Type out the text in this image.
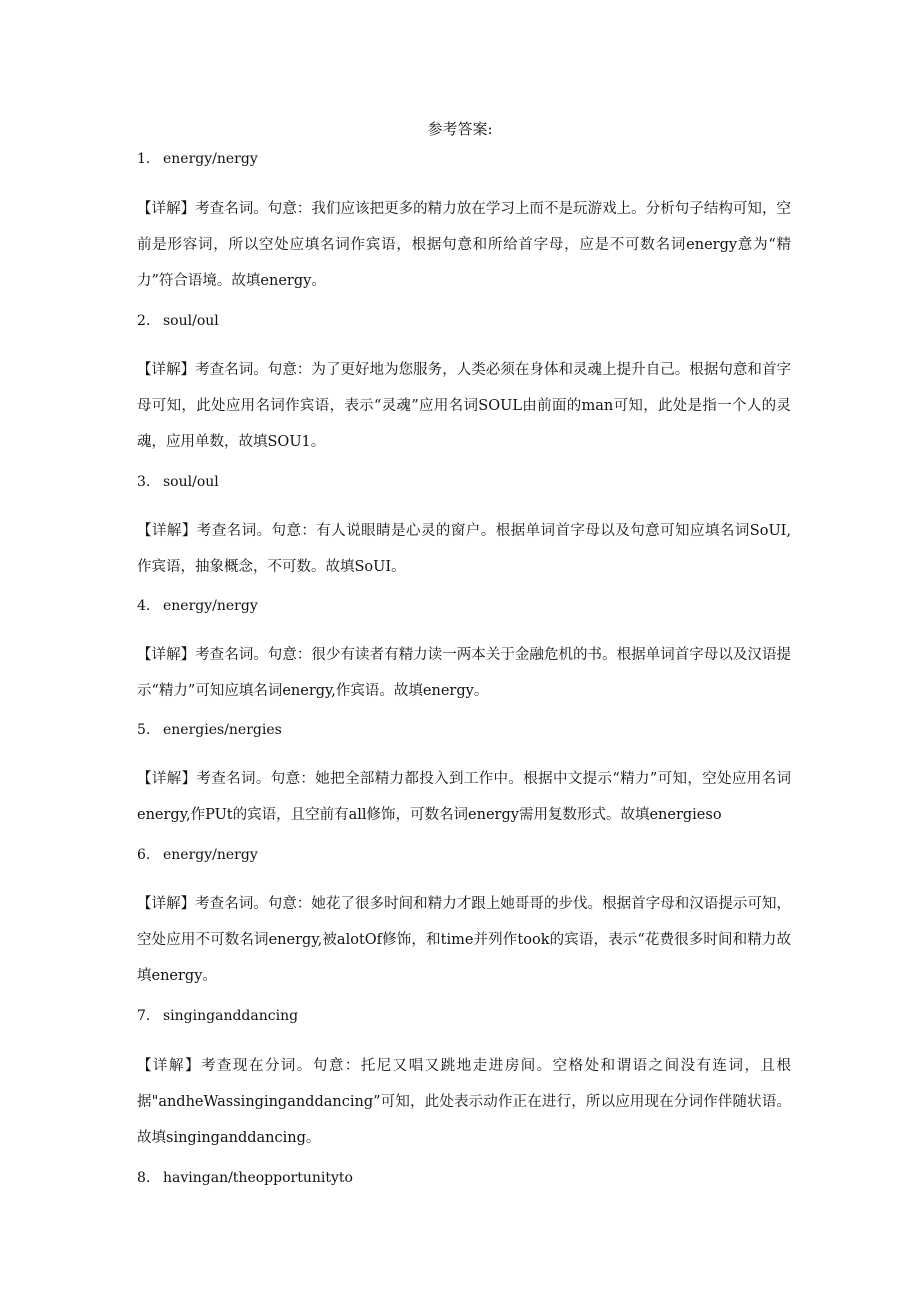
参考答案:
1. energy/nergy

【详解】考查名词。句意：我们应该把更多的精力放在学习上而不是玩游戏上。分析句子结构可知，空前是形容词，所以空处应填名词作宾语，根据句意和所给首字母，应是不可数名词energy意为“精力”符合语境。故填energy。

2. soul/oul

【详解】考查名词。句意：为了更好地为您服务，人类必须在身体和灵魂上提升自己。根据句意和首字母可知，此处应用名词作宾语，表示“灵魂”应用名词SOUL由前面的man可知，此处是指一个人的灵魂，应用单数，故填SOU1。

3. soul/oul

【详解】考查名词。句意：有人说眼睛是心灵的窗户。根据单词首字母以及句意可知应填名词SoUI, 作宾语，抽象概念，不可数。故填SoUI。

4. energy/nergy

【详解】考查名词。句意：很少有读者有精力读一两本关于金融危机的书。根据单词首字母以及汉语提示“精力”可知应填名词energy,作宾语。故填energy。

5. energies/nergies

【详解】考查名词。句意：她把全部精力都投入到工作中。根据中文提示“精力”可知，空处应用名词energy,作PUt的宾语，且空前有all修饰，可数名词energy需用复数形式。故填energieso

6. energy/nergy

【详解】考查名词。句意：她花了很多时间和精力才跟上她哥哥的步伐。根据首字母和汉语提示可知，空处应用不可数名词energy,被alotOf修饰，和time并列作took的宾语，表示“花费很多时间和精力故填energy。

7. singinganddancing

【详解】考查现在分词。句意：托尼又唱又跳地走进房间。空格处和谓语之间没有连词，且根据"andheWassinginganddancing”可知，此处表示动作正在进行，所以应用现在分词作伴随状语。故填singinganddancing。

8. havingan/theopportunityto
